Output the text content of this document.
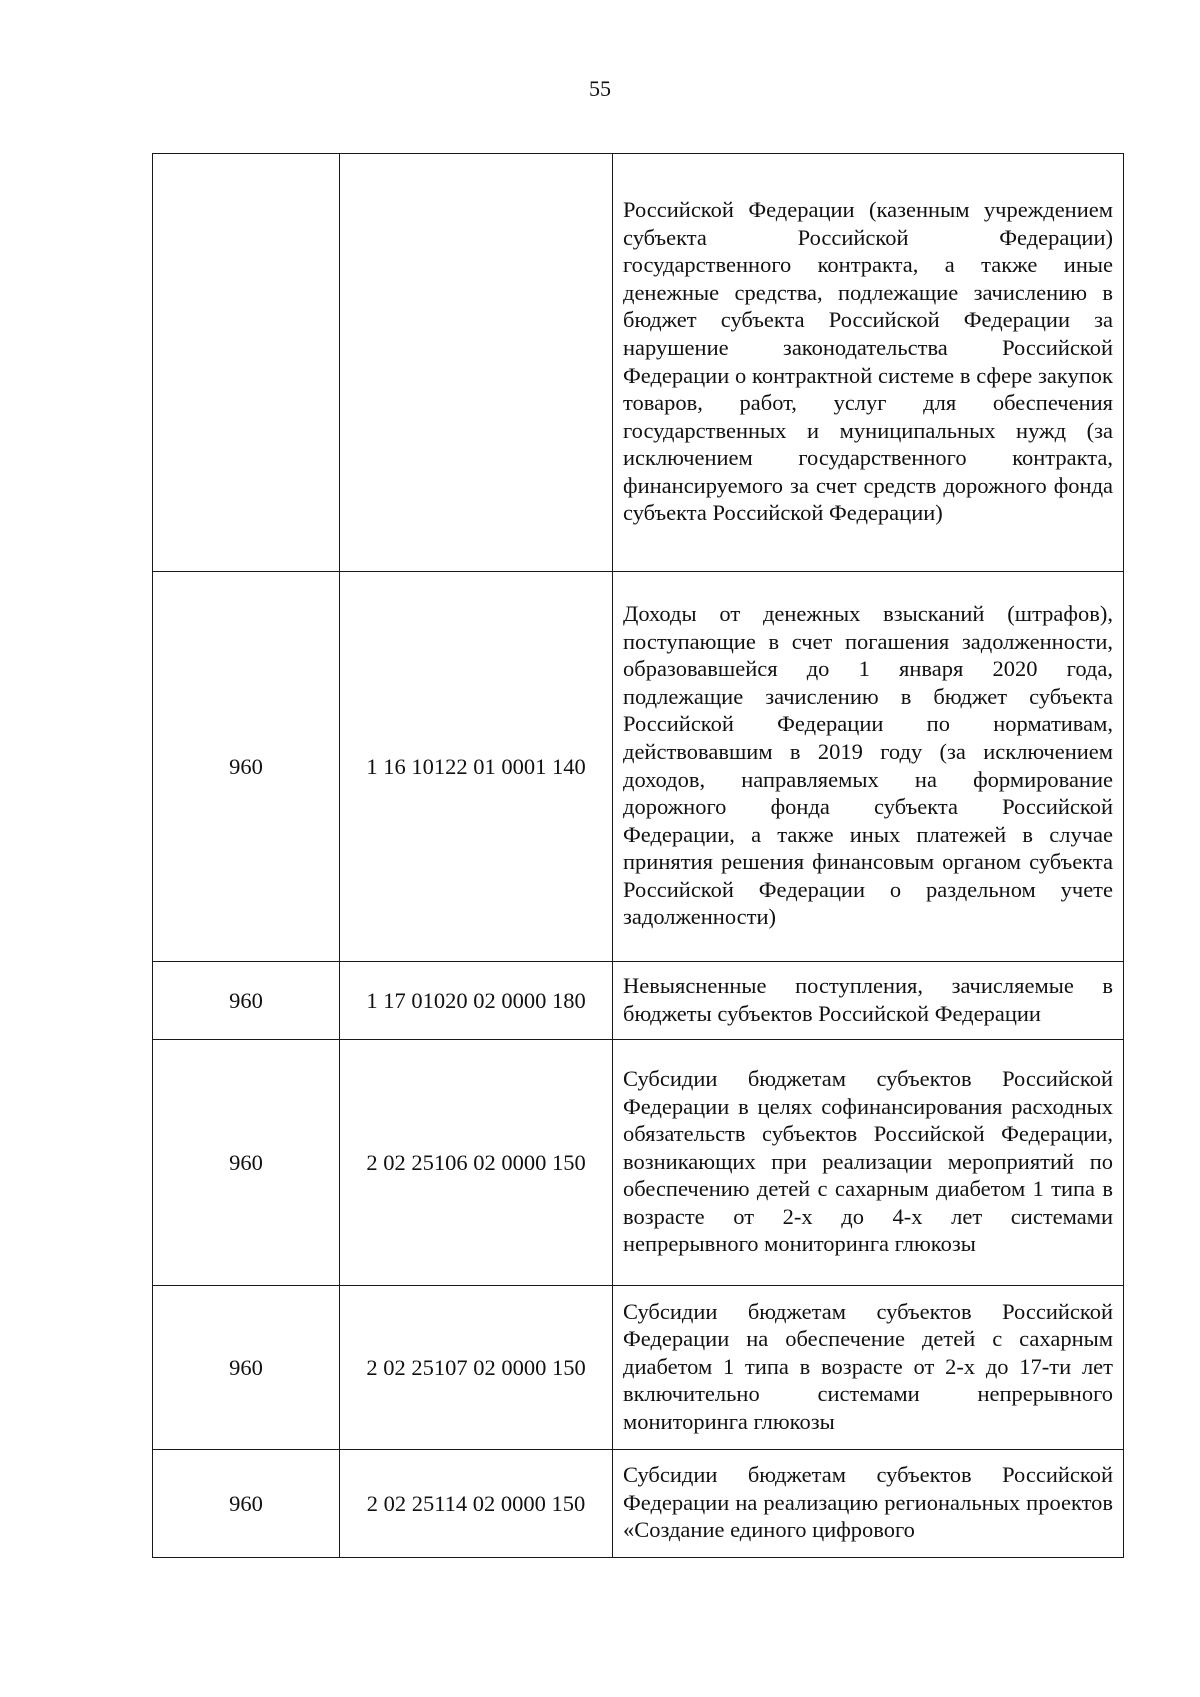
55

		Российской Федерации (казенным учреждением субъекта Российской Федерации) государственного контракта, а также иные денежные средства, подлежащие зачислению в бюджет субъекта Российской Федерации за нарушение законодательства Российской Федерации о контрактной системе в сфере закупок товаров, работ, услуг для обеспечения государственных и муниципальных нужд (за исключением государственного контракта, финансируемого за счет средств дорожного фонда субъекта Российской Федерации)

960	1 16 10122 01 0001 140	Доходы от денежных взысканий (штрафов), поступающие в счет погашения задолженности, образовавшейся до 1 января 2020 года, подлежащие зачислению в бюджет субъекта Российской Федерации по нормативам, действовавшим в 2019 году (за исключением доходов, направляемых на формирование дорожного фонда субъекта Российской Федерации, а также иных платежей в случае принятия решения финансовым органом субъекта Российской Федерации о раздельном учете задолженности)

960	1 17 01020 02 0000 180	Невыясненные поступления, зачисляемые в бюджеты субъектов Российской Федерации

960	2 02 25106 02 0000 150	Субсидии бюджетам субъектов Российской Федерации в целях софинансирования расходных обязательств субъектов Российской Федерации, возникающих при реализации мероприятий по обеспечению детей с сахарным диабетом 1 типа в возрасте от 2-х до 4-х лет системами непрерывного мониторинга глюкозы

960	2 02 25107 02 0000 150	Субсидии бюджетам субъектов Российской Федерации на обеспечение детей с сахарным диабетом 1 типа в возрасте от 2-х до 17-ти лет включительно системами непрерывного мониторинга глюкозы

960	2 02 25114 02 0000 150	Субсидии бюджетам субъектов Российской Федерации на реализацию региональных проектов «Создание единого цифрового
